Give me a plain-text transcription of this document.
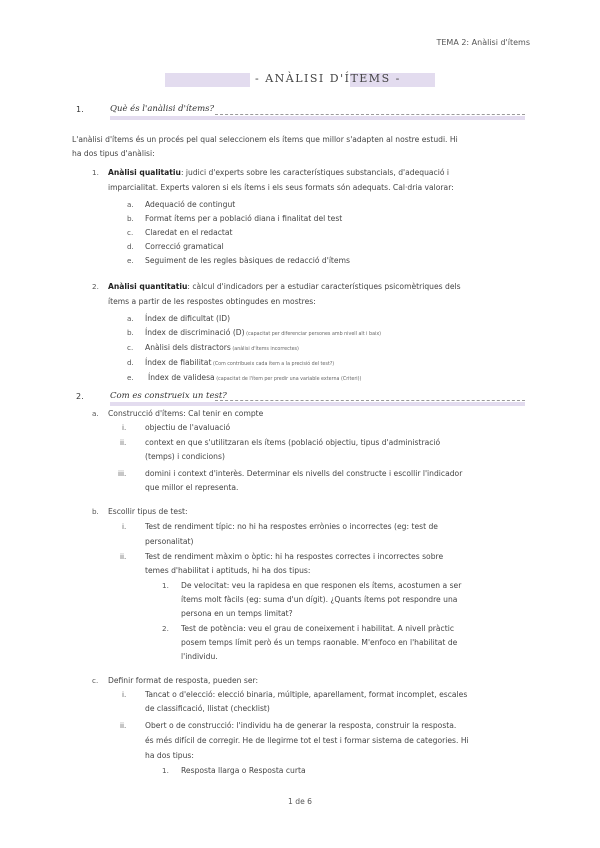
TEMA 2: Anàlisi d'ítems
- ANÀLISI D'ÍTEMS -
1.	Què és l'anàlisi d'ítems?
L'anàlisi d'ítems és un procés pel qual seleccionem els ítems que millor s'adapten al nostre estudi. Hi
ha dos tipus d'anàlisi:
1. Anàlisi qualitatiu: judici d'experts sobre les característiques substancials, d'adequació i
imparcialitat. Experts valoren si els ítems i els seus formats són adequats. Cal·dria valorar:
a. Adequació de contingut
b. Format ítems per a població diana i finalitat del test
c. Claredat en el redactat
d. Correcció gramatical
e. Seguiment de les regles bàsiques de redacció d'ítems
2. Anàlisi quantitatiu: càlcul d'indicadors per a estudiar característiques psicomètriques dels
ítems a partir de les respostes obtingudes en mostres:
a. Índex de dificultat (ID)
b. Índex de discriminació (D) (capacitat per diferenciar persones amb nivell alt i baix)
c. Anàlisi dels distractors (anàlisi d'ítems incorrectes)
d. Índex de fiabilitat (Com contribueix cada ítem a la precisió del test?)
e. Índex de validesa (capacitat de l'ítem per predir una variable externa (Criteri))
2.	Com es construeix un test?
a. Construcció d'ítems: Cal tenir en compte
i. objectiu de l'avaluació
ii. context en que s'utilitzaran els ítems (població objectiu, tipus d'administració
(temps) i condicions)
iii. domini i context d'interès. Determinar els nivells del constructe i escollir l'indicador
que millor el representa.
b. Escollir tipus de test:
i. Test de rendiment típic: no hi ha respostes errònies o incorrectes (eg: test de
personalitat)
ii. Test de rendiment màxim o òptic: hi ha respostes correctes i incorrectes sobre
temes d'habilitat i aptituds, hi ha dos tipus:
1. De velocitat: veu la rapidesa en que responen els ítems, acostumen a ser
ítems molt fàcils (eg: suma d'un dígit). ¿Quants ítems pot respondre una
persona en un temps limitat?
2. Test de potència: veu el grau de coneixement i habilitat. A nivell pràctic
posem temps límit però és un temps raonable. M'enfoco en l'habilitat de
l'individu.
c. Definir format de resposta, pueden ser:
i. Tancat o d'elecció: elecció binaria, múltiple, aparellament, format incomplet, escales
de classificació, llistat (checklist)
ii. Obert o de construcció: l'individu ha de generar la resposta, construir la resposta.
és més difícil de corregir. He de llegirme tot el test i formar sistema de categories. Hi
ha dos tipus:
1. Resposta llarga o Resposta curta
1 de 6
